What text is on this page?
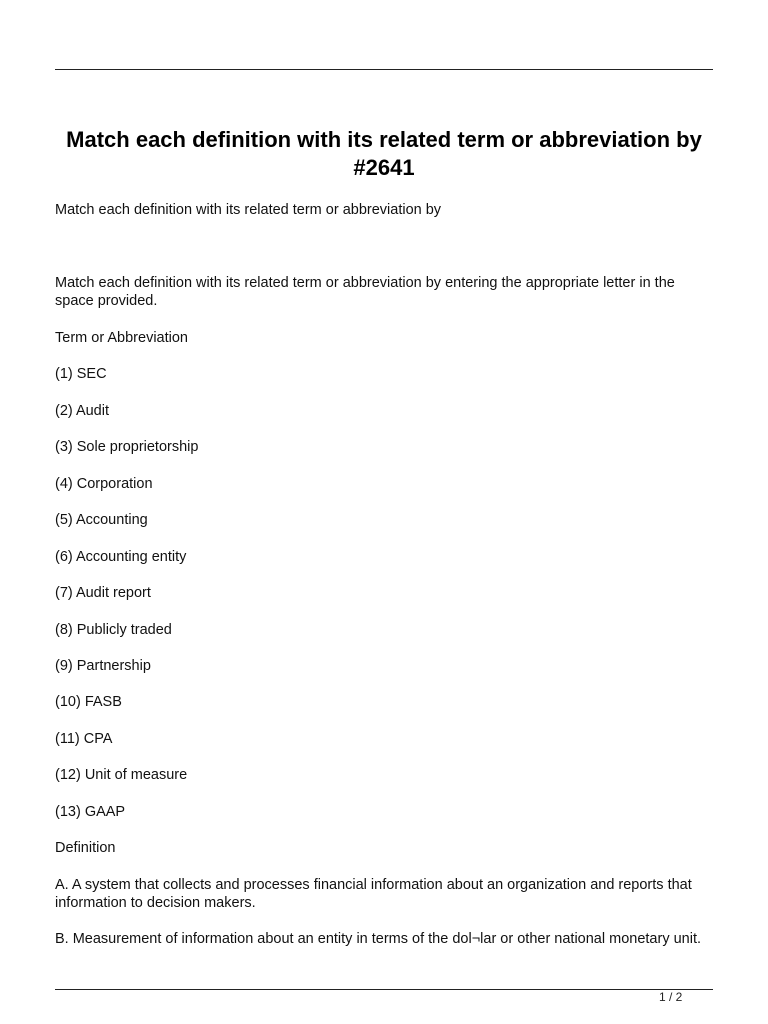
Match each definition with its related term or abbreviation by #2641

Match each definition with its related term or abbreviation by

Match each definition with its related term or abbreviation by entering the appropriate letter in the space provided.

Term or Abbreviation

(1) SEC

(2) Audit

(3) Sole proprietorship

(4) Corporation

(5) Accounting

(6) Accounting entity

(7) Audit report

(8) Publicly traded

(9) Partnership

(10) FASB

(11) CPA

(12) Unit of measure

(13) GAAP

Definition

A. A system that collects and processes financial information about an organization and reports that information to decision makers.

B. Measurement of information about an entity in terms of the dol¬lar or other national monetary unit.

1 / 2
